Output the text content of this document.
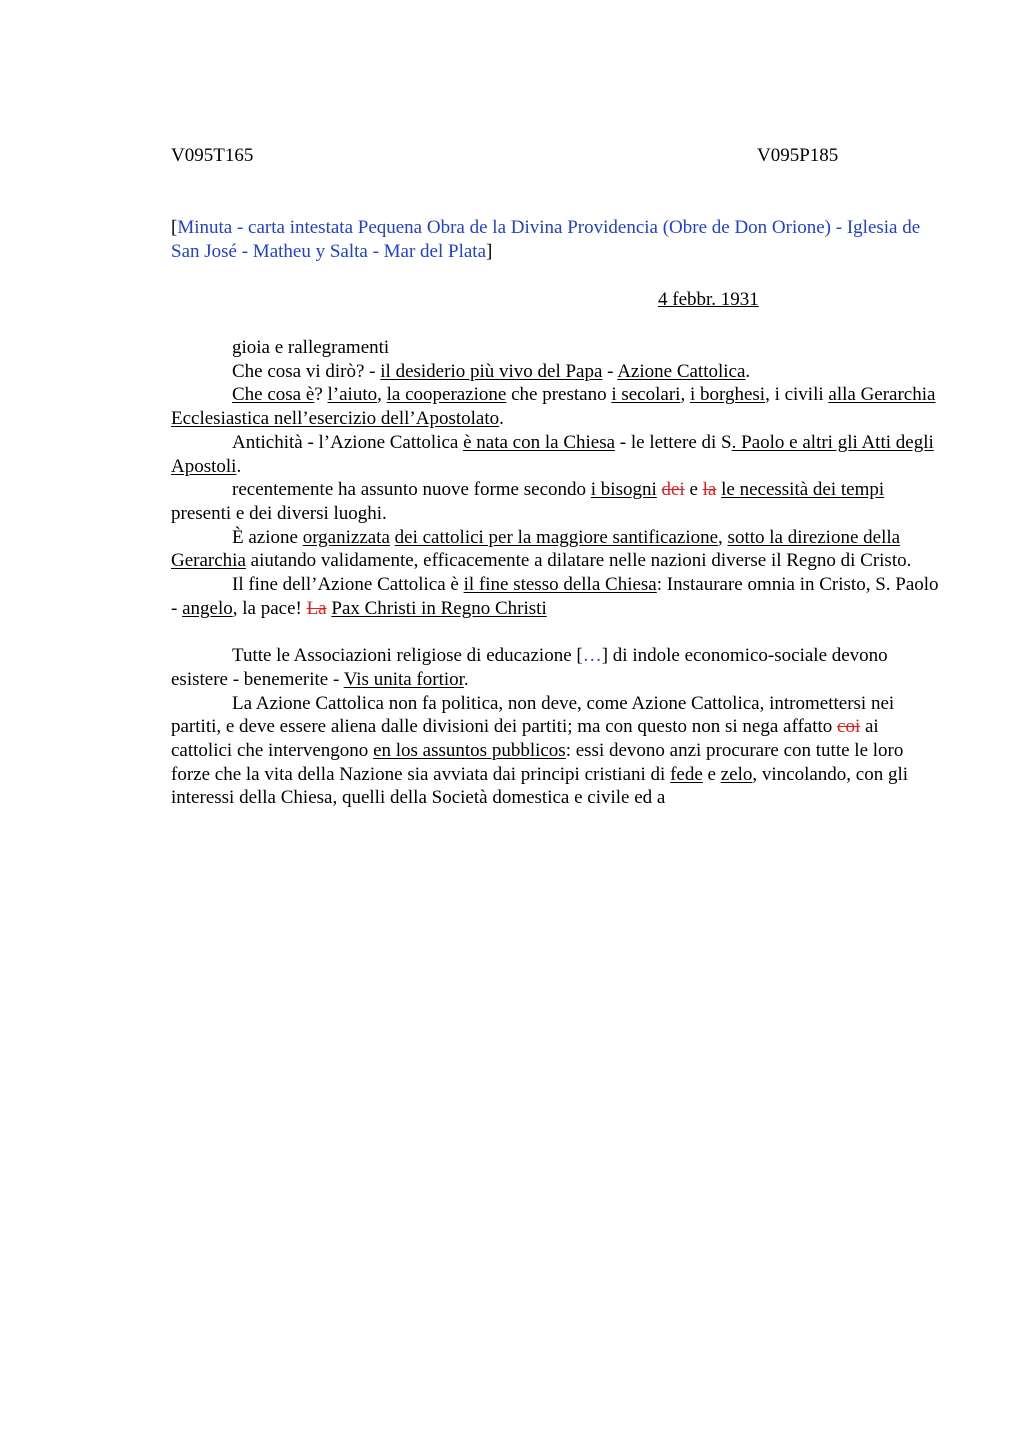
V095T165	V095P185
[Minuta - carta intestata Pequena Obra de la Divina Providencia (Obre de Don Orione) - Iglesia de San José - Matheu y Salta - Mar del Plata]
4 febbr. 1931

gioia e rallegramenti

Che cosa vi dirò? - il desiderio più vivo del Papa - Azione Cattolica.

Che cosa è? l’aiuto, la cooperazione che prestano i secolari, i borghesi, i civili alla Gerarchia Ecclesiastica nell’esercizio dell’Apostolato.

Antichità - l’Azione Cattolica è nata con la Chiesa - le lettere di S. Paolo e altri gli Atti degli Apostoli.

recentemente ha assunto nuove forme secondo i bisogni dei e la le necessità dei tempi presenti e dei diversi luoghi.

È azione organizzata dei cattolici per la maggiore santificazione, sotto la direzione della Gerarchia aiutando validamente, efficacemente a dilatare nelle nazioni diverse il Regno di Cristo.

Il fine dell’Azione Cattolica è il fine stesso della Chiesa: Instaurare omnia in Cristo, S. Paolo - angelo, la pace! La Pax Christi in Regno Christi

Tutte le Associazioni religiose di educazione […] di indole economico-sociale devono esistere - benemerite - Vis unita fortior.

La Azione Cattolica non fa politica, non deve, come Azione Cattolica, intromettersi nei partiti, e deve essere aliena dalle divisioni dei partiti; ma con questo non si nega affatto coi ai cattolici che intervengono en los assuntos pubblicos: essi devono anzi procurare con tutte le loro forze che la vita della Nazione sia avviata dai principi cristiani di fede e zelo, vincolando, con gli interessi della Chiesa, quelli della Società domestica e civile ed a
